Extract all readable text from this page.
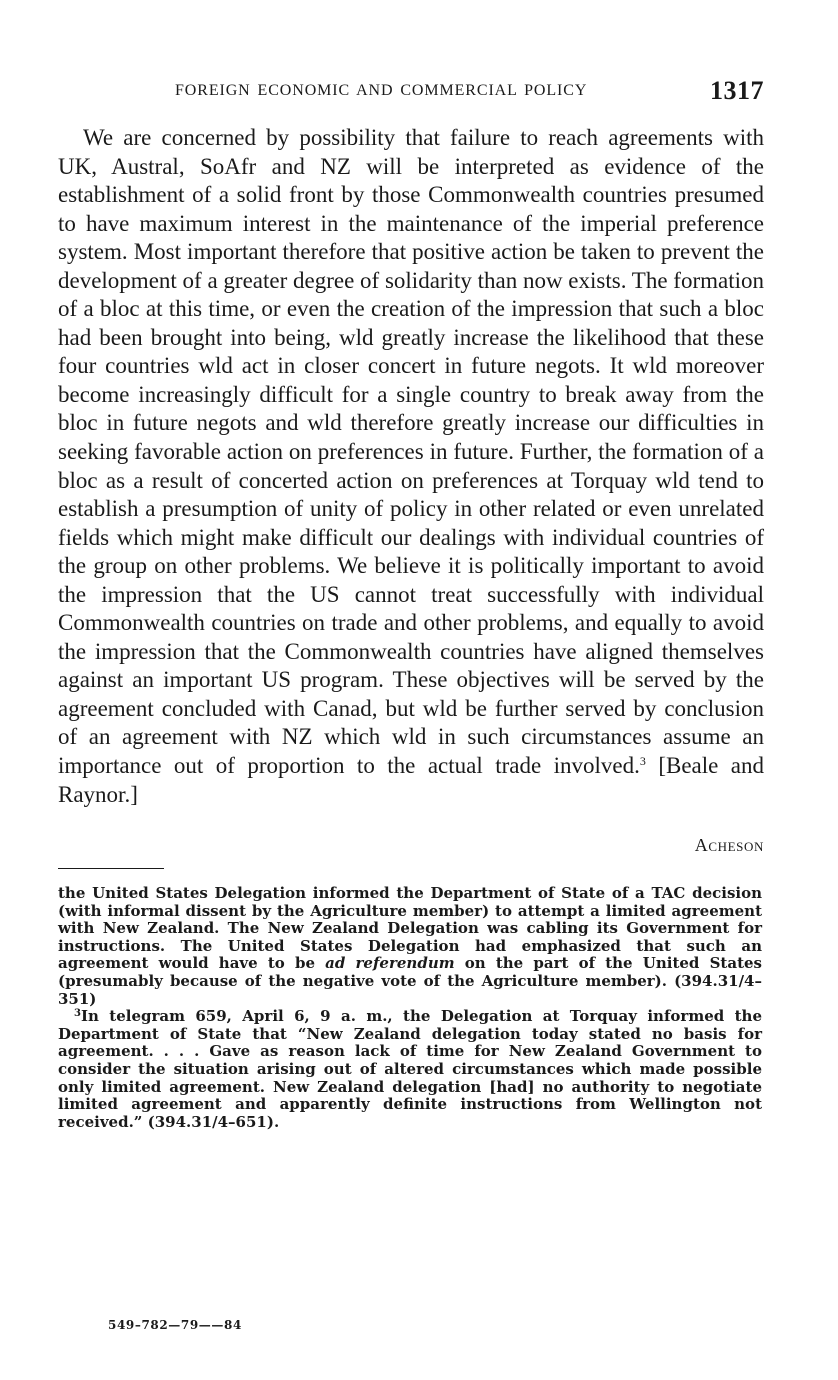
FOREIGN ECONOMIC AND COMMERCIAL POLICY	1317

We are concerned by possibility that failure to reach agreements with UK, Austral, SoAfr and NZ will be interpreted as evidence of the establishment of a solid front by those Commonwealth countries presumed to have maximum interest in the maintenance of the imperial preference system. Most important therefore that positive action be taken to prevent the development of a greater degree of solidarity than now exists. The formation of a bloc at this time, or even the creation of the impression that such a bloc had been brought into being, wld greatly increase the likelihood that these four countries wld act in closer concert in future negots. It wld moreover become increasingly difficult for a single country to break away from the bloc in future negots and wld therefore greatly increase our difficulties in seeking favorable action on preferences in future. Further, the formation of a bloc as a result of concerted action on preferences at Torquay wld tend to establish a presumption of unity of policy in other related or even unrelated fields which might make difficult our dealings with individual countries of the group on other problems. We believe it is politically important to avoid the impression that the US cannot treat successfully with individual Commonwealth countries on trade and other problems, and equally to avoid the impression that the Commonwealth countries have aligned themselves against an important US program. These objectives will be served by the agreement concluded with Canad, but wld be further served by conclusion of an agreement with NZ which wld in such circumstances assume an importance out of proportion to the actual trade involved.$^3$ [Beale and Raynor.]

Acheson

the United States Delegation informed the Department of State of a TAC decision (with informal dissent by the Agriculture member) to attempt a limited agreement with New Zealand. The New Zealand Delegation was cabling its Government for instructions. The United States Delegation had emphasized that such an agreement would have to be ad referendum on the part of the United States (presumably because of the negative vote of the Agriculture member). (394.31/4–351)

$^3$In telegram 659, April 6, 9 a. m., the Delegation at Torquay informed the Department of State that “New Zealand delegation today stated no basis for agreement. . . . Gave as reason lack of time for New Zealand Government to consider the situation arising out of altered circumstances which made possible only limited agreement. New Zealand delegation [had] no authority to negotiate limited agreement and apparently definite instructions from Wellington not received.” (394.31/4–651).

549–782—79——84
